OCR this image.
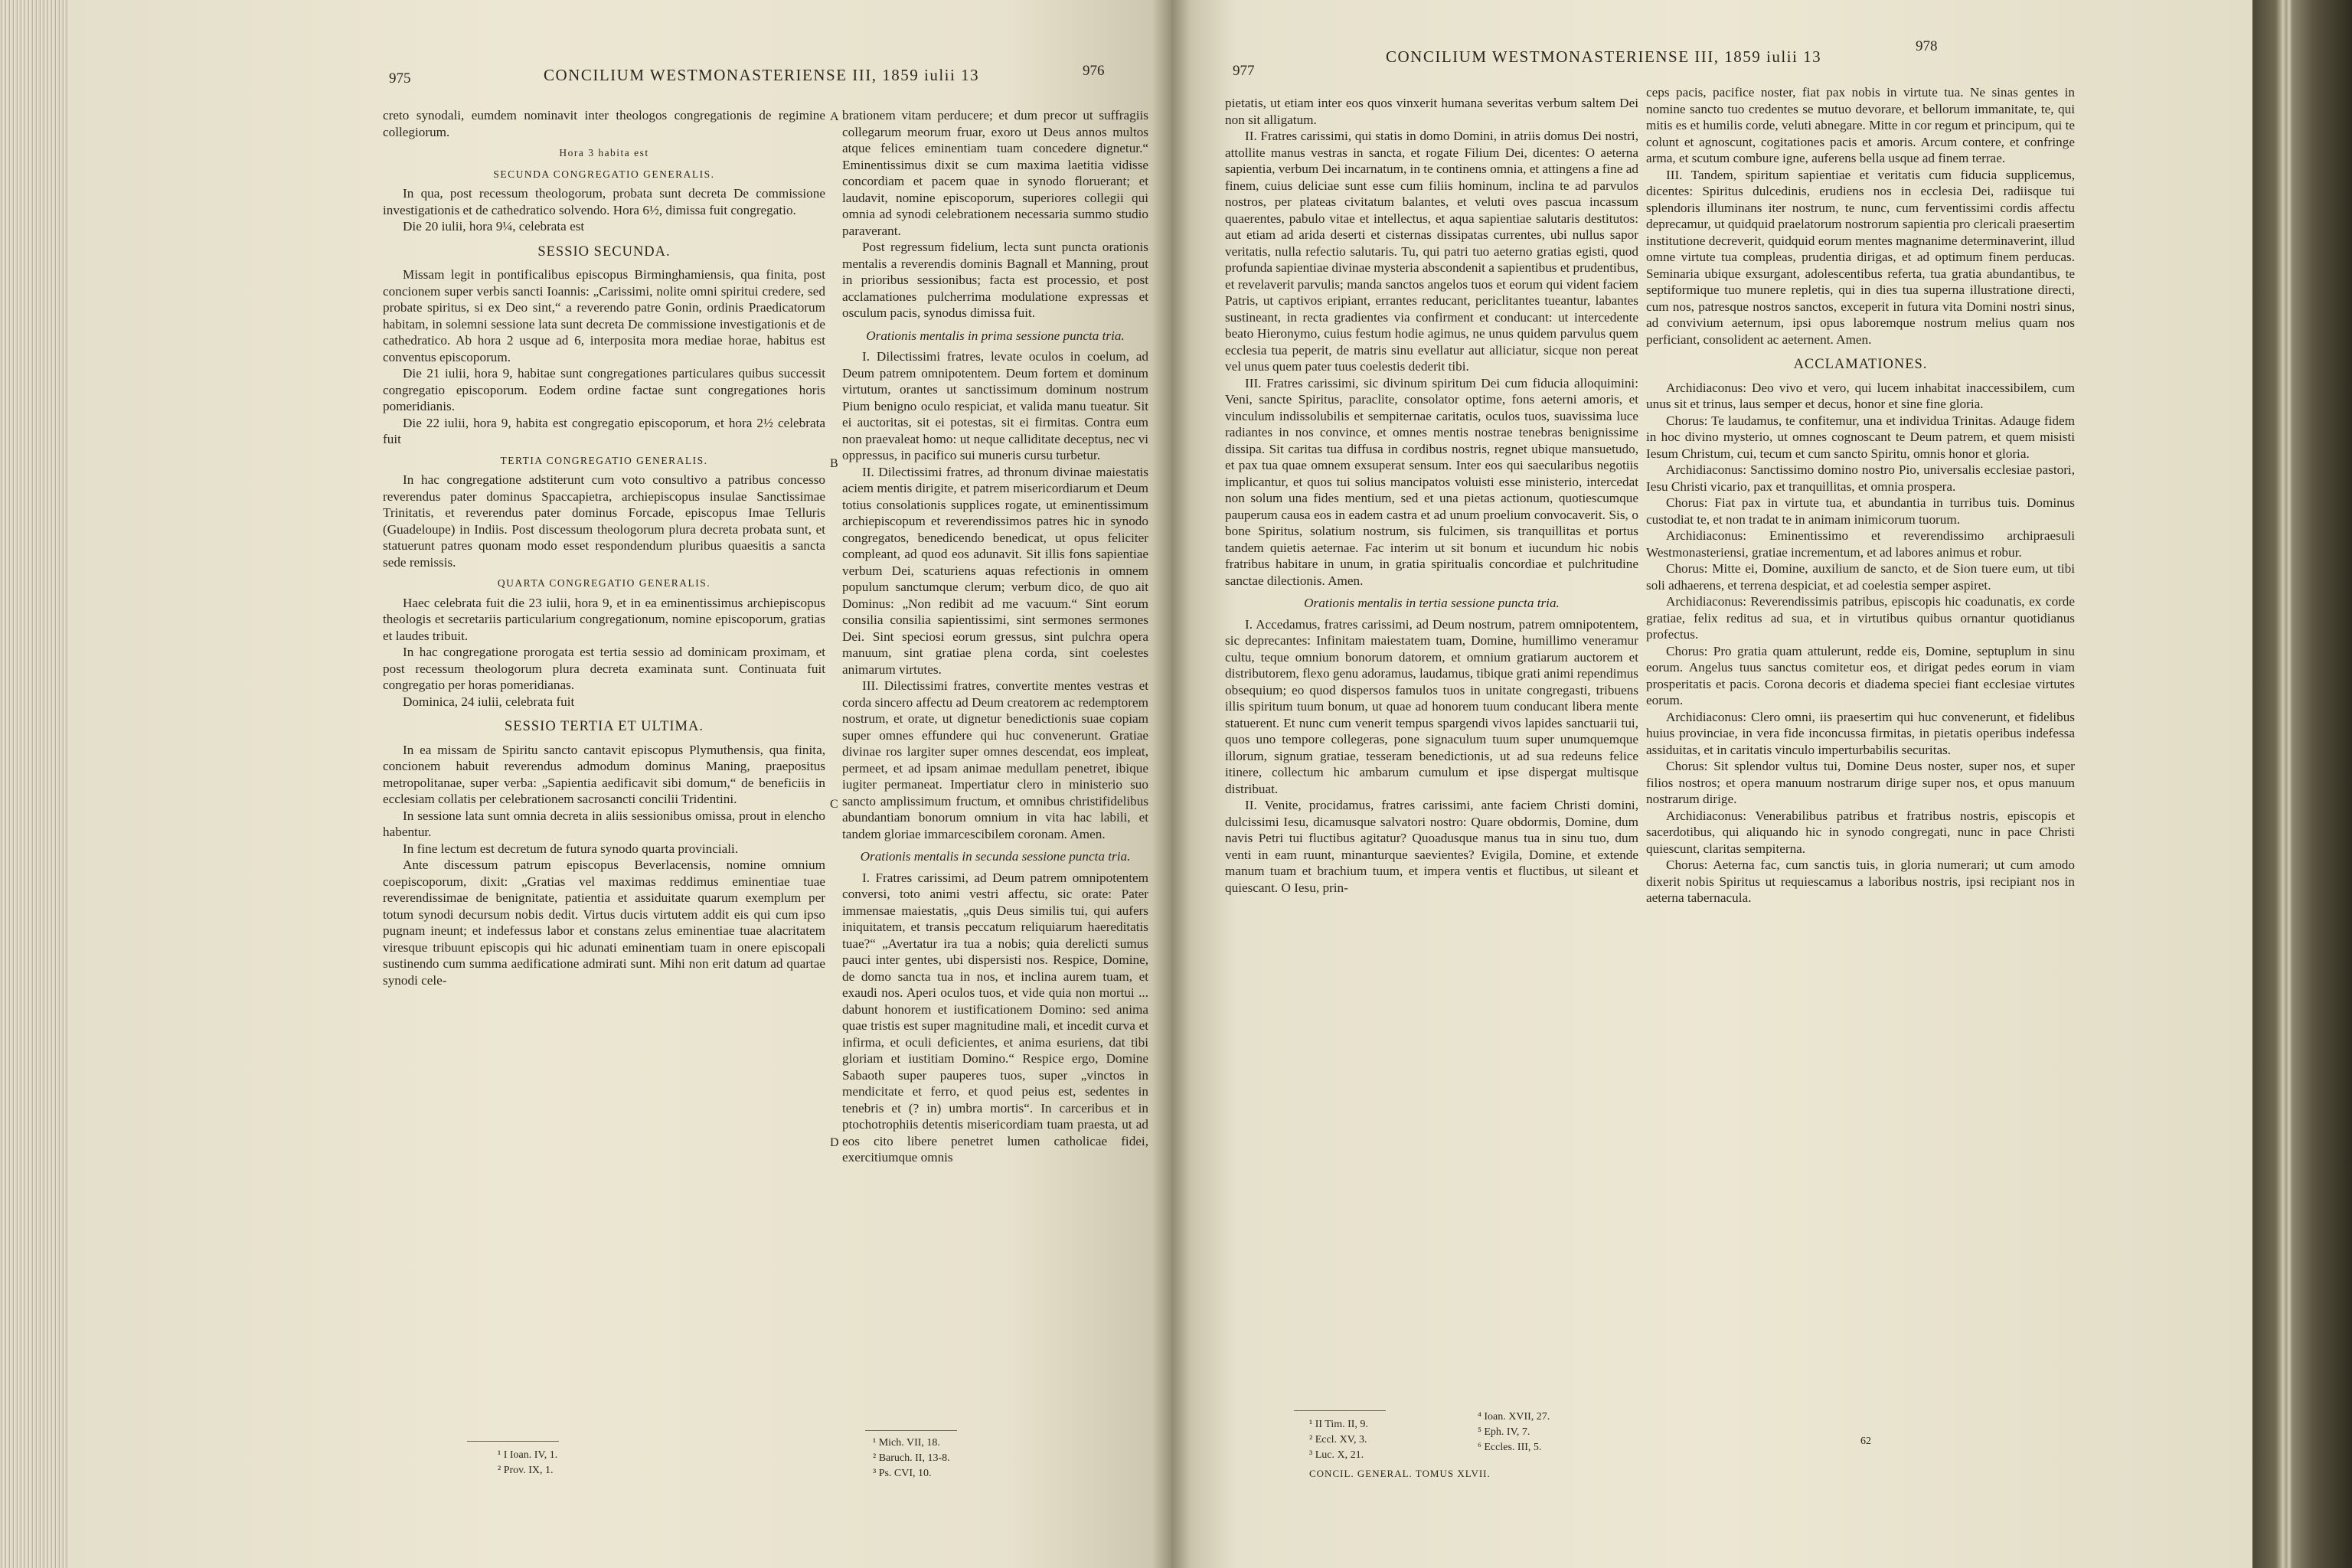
975	CONCILIUM WESTMONASTERIENSE III, 1859 iulii 13	976

creto synodali, eumdem nominavit inter theologos congregationis de regimine collegiorum.

Hora 3 habita est

SECUNDA CONGREGATIO GENERALIS.

In qua, post recessum theologorum, probata sunt decreta De commissione investigationis et de cathedratico solvendo. Hora 6½, dimissa fuit congregatio.

Die 20 iulii, hora 9¼, celebrata est

SESSIO SECUNDA.

Missam legit in pontificalibus episcopus Birminghamiensis, qua finita, post concionem super verbis sancti Ioannis: „Carissimi, nolite omni spiritui credere, sed probate spiritus, si ex Deo sint,“ a reverendo patre Gonin, ordinis Praedicatorum habitam, in solemni sessione lata sunt decreta De commissione investigationis et de cathedratico. Ab hora 2 usque ad 6, interposita mora mediae horae, habitus est conventus episcoporum.

Die 21 iulii, hora 9, habitae sunt congregationes particulares quibus successit congregatio episcoporum. Eodem ordine factae sunt congregationes horis pomeridianis.

Die 22 iulii, hora 9, habita est congregatio episcoporum, et hora 2½ celebrata fuit

TERTIA CONGREGATIO GENERALIS.

In hac congregatione adstiterunt cum voto consultivo a patribus concesso reverendus pater dominus Spaccapietra, archiepiscopus insulae Sanctissimae Trinitatis, et reverendus pater dominus Forcade, episcopus Imae Telluris (Guadeloupe) in Indiis. Post discessum theologorum plura decreta probata sunt, et statuerunt patres quonam modo esset respondendum pluribus quaesitis a sancta sede remissis.

QUARTA CONGREGATIO GENERALIS.

Haec celebrata fuit die 23 iulii, hora 9, et in ea eminentissimus archiepiscopus theologis et secretariis particularium congregationum, nomine episcoporum, gratias et laudes tribuit.

In hac congregatione prorogata est tertia sessio ad dominicam proximam, et post recessum theologorum plura decreta examinata sunt. Continuata fuit congregatio per horas pomeridianas.

Dominica, 24 iulii, celebrata fuit

SESSIO TERTIA ET ULTIMA.

In ea missam de Spiritu sancto cantavit episcopus Plymuthensis, qua finita, concionem habuit reverendus admodum dominus Maning, praepositus metropolitanae, super verba: „Sapientia aedificavit sibi domum,“ de beneficiis in ecclesiam collatis per celebrationem sacrosancti concilii Tridentini.

In sessione lata sunt omnia decreta in aliis sessionibus omissa, prout in elencho habentur.

In fine lectum est decretum de futura synodo quarta provinciali.

Ante discessum patrum episcopus Beverlacensis, nomine omnium coepiscoporum, dixit: „Gratias vel maximas reddimus eminentiae tuae reverendissimae de benignitate, patientia et assiduitate quarum exemplum per totum synodi decursum nobis dedit. Virtus ducis virtutem addit eis qui cum ipso pugnam ineunt; et indefessus labor et constans zelus eminentiae tuae alacritatem viresque tribuunt episcopis qui hic adunati eminentiam tuam in onere episcopali sustinendo cum summa aedificatione admirati sunt. Mihi non erit datum ad quartae synodi cele-

A
B
C
D

brationem vitam perducere; et dum precor ut suffragiis collegarum meorum fruar, exoro ut Deus annos multos atque felices eminentiam tuam concedere dignetur.“ Eminentissimus dixit se cum maxima laetitia vidisse concordiam et pacem quae in synodo floruerant; et laudavit, nomine episcoporum, superiores collegii qui omnia ad synodi celebrationem necessaria summo studio paraverant.

Post regressum fidelium, lecta sunt puncta orationis mentalis a reverendis dominis Bagnall et Manning, prout in prioribus sessionibus; facta est processio, et post acclamationes pulcherrima modulatione expressas et osculum pacis, synodus dimissa fuit.

Orationis mentalis in prima sessione puncta tria.

I. Dilectissimi fratres, levate oculos in coelum, ad Deum patrem omnipotentem. Deum fortem et dominum virtutum, orantes ut sanctissimum dominum nostrum Pium benigno oculo respiciat, et valida manu tueatur. Sit ei auctoritas, sit ei potestas, sit ei firmitas. Contra eum non praevaleat homo: ut neque calliditate deceptus, nec vi oppressus, in pacifico sui muneris cursu turbetur.

II. Dilectissimi fratres, ad thronum divinae maiestatis aciem mentis dirigite, et patrem misericordiarum et Deum totius consolationis supplices rogate, ut eminentissimum archiepiscopum et reverendissimos patres hic in synodo congregatos, benedicendo benedicat, ut opus feliciter compleant, ad quod eos adunavit. Sit illis fons sapientiae verbum Dei, scaturiens aquas refectionis in omnem populum sanctumque clerum; verbum dico, de quo ait Dominus: „Non redibit ad me vacuum.“ Sint eorum consilia consilia sapientissimi, sint sermones sermones Dei. Sint speciosi eorum gressus, sint pulchra opera manuum, sint gratiae plena corda, sint coelestes animarum virtutes.

III. Dilectissimi fratres, convertite mentes vestras et corda sincero affectu ad Deum creatorem ac redemptorem nostrum, et orate, ut dignetur benedictionis suae copiam super omnes effundere qui huc convenerunt. Gratiae divinae ros largiter super omnes descendat, eos impleat, permeet, et ad ipsam animae medullam penetret, ibique iugiter permaneat. Impertiatur clero in ministerio suo sancto amplissimum fructum, et omnibus christifidelibus abundantiam bonorum omnium in vita hac labili, et tandem gloriae immarcescibilem coronam. Amen.

Orationis mentalis in secunda sessione puncta tria.

I. Fratres carissimi, ad Deum patrem omnipotentem conversi, toto animi vestri affectu, sic orate: Pater immensae maiestatis, „quis Deus similis tui, qui aufers iniquitatem, et transis peccatum reliquiarum haereditatis tuae?“ „Avertatur ira tua a nobis; quia derelicti sumus pauci inter gentes, ubi dispersisti nos. Respice, Domine, de domo sancta tua in nos, et inclina aurem tuam, et exaudi nos. Aperi oculos tuos, et vide quia non mortui ... dabunt honorem et iustificationem Domino: sed anima quae tristis est super magnitudine mali, et incedit curva et infirma, et oculi deficientes, et anima esuriens, dat tibi gloriam et iustitiam Domino.“ Respice ergo, Domine Sabaoth super pauperes tuos, super „vinctos in mendicitate et ferro, et quod peius est, sedentes in tenebris et (? in) umbra mortis“. In carceribus et in ptochotrophiis detentis misericordiam tuam praesta, ut ad eos cito libere penetret lumen catholicae fidei, exercitiumque omnis

¹ I Ioan. IV, 1.
² Prov. IX, 1.
¹ Mich. VII, 18.
² Baruch. II, 13-8.
³ Ps. CVI, 10.
977
CONCILIUM WESTMONASTERIENSE III, 1859 iulii 13
978

pietatis, ut etiam inter eos quos vinxerit humana severitas verbum saltem Dei non sit alligatum.

II. Fratres carissimi, qui statis in domo Domini, in atriis domus Dei nostri, attollite manus vestras in sancta, et rogate Filium Dei, dicentes: O aeterna sapientia, verbum Dei incarnatum, in te continens omnia, et attingens a fine ad finem, cuius deliciae sunt esse cum filiis hominum, inclina te ad parvulos nostros, per plateas civitatum balantes, et veluti oves pascua incassum quaerentes, pabulo vitae et intellectus, et aqua sapientiae salutaris destitutos: aut etiam ad arida deserti et cisternas dissipatas currentes, ubi nullus sapor veritatis, nulla refectio salutaris. Tu, qui patri tuo aeterno gratias egisti, quod profunda sapientiae divinae mysteria abscondenit a sapientibus et prudentibus, et revelaverit parvulis; manda sanctos angelos tuos et eorum qui vident faciem Patris, ut captivos eripiant, errantes reducant, periclitantes tueantur, labantes sustineant, in recta gradientes via confirment et conducant: ut intercedente beato Hieronymo, cuius festum hodie agimus, ne unus quidem parvulus quem ecclesia tua peperit, de matris sinu evellatur aut alliciatur, sicque non pereat vel unus quem pater tuus coelestis dederit tibi.

III. Fratres carissimi, sic divinum spiritum Dei cum fiducia alloquimini: Veni, sancte Spiritus, paraclite, consolator optime, fons aeterni amoris, et vinculum indissolubilis et sempiternae caritatis, oculos tuos, suavissima luce radiantes in nos convince, et omnes mentis nostrae tenebras benignissime dissipa. Sit caritas tua diffusa in cordibus nostris, regnet ubique mansuetudo, et pax tua quae omnem exsuperat sensum. Inter eos qui saecularibus negotiis implicantur, et quos tui solius mancipatos voluisti esse ministerio, intercedat non solum una fides mentium, sed et una pietas actionum, quotiescumque pauperum causa eos in eadem castra et ad unum proelium convocaverit. Sis, o bone Spiritus, solatium nostrum, sis fulcimen, sis tranquillitas et portus tandem quietis aeternae. Fac interim ut sit bonum et iucundum hic nobis fratribus habitare in unum, in gratia spiritualis concordiae et pulchritudine sanctae dilectionis. Amen.

Orationis mentalis in tertia sessione puncta tria.

I. Accedamus, fratres carissimi, ad Deum nostrum, patrem omnipotentem, sic deprecantes: Infinitam maiestatem tuam, Domine, humillimo veneramur cultu, teque omnium bonorum datorem, et omnium gratiarum auctorem et distributorem, flexo genu adoramus, laudamus, tibique grati animi rependimus obsequium; eo quod dispersos famulos tuos in unitate congregasti, tribuens illis spiritum tuum bonum, ut quae ad honorem tuum conducant libera mente statuerent. Et nunc cum venerit tempus spargendi vivos lapides sanctuarii tui, quos uno tempore collegeras, pone signaculum tuum super unumquemque illorum, signum gratiae, tesseram benedictionis, ut ad sua redeuns felice itinere, collectum hic ambarum cumulum et ipse dispergat multisque distribuat.

II. Venite, procidamus, fratres carissimi, ante faciem Christi domini, dulcissimi Iesu, dicamusque salvatori nostro: Quare obdormis, Domine, dum navis Petri tui fluctibus agitatur? Quoadusque manus tua in sinu tuo, dum venti in eam ruunt, minanturque saevientes? Evigila, Domine, et extende manum tuam et brachium tuum, et impera ventis et fluctibus, ut sileant et quiescant. O Iesu, prin-

ceps pacis, pacifice noster, fiat pax nobis in virtute tua. Ne sinas gentes in nomine sancto tuo credentes se mutuo devorare, et bellorum immanitate, te, qui mitis es et humilis corde, veluti abnegare. Mitte in cor regum et principum, qui te colunt et agnoscunt, cogitationes pacis et amoris. Arcum contere, et confringe arma, et scutum combure igne, auferens bella usque ad finem terrae.

III. Tandem, spiritum sapientiae et veritatis cum fiducia supplicemus, dicentes: Spiritus dulcedinis, erudiens nos in ecclesia Dei, radiisque tui splendoris illuminans iter nostrum, te nunc, cum ferventissimi cordis affectu deprecamur, ut quidquid praelatorum nostrorum sapientia pro clericali praesertim institutione decreverit, quidquid eorum mentes magnanime determinaverint, illud omne virtute tua compleas, prudentia dirigas, et ad optimum finem perducas. Seminaria ubique exsurgant, adolescentibus referta, tua gratia abundantibus, te septiformique tuo munere repletis, qui in dies tua superna illustratione directi, cum nos, patresque nostros sanctos, exceperit in futura vita Domini nostri sinus, ad convivium aeternum, ipsi opus laboremque nostrum melius quam nos perficiant, consolident ac aeternent. Amen.

ACCLAMATIONES.

Archidiaconus: Deo vivo et vero, qui lucem inhabitat inaccessibilem, cum unus sit et trinus, laus semper et decus, honor et sine fine gloria.

Chorus: Te laudamus, te confitemur, una et individua Trinitas. Adauge fidem in hoc divino mysterio, ut omnes cognoscant te Deum patrem, et quem misisti Iesum Christum, cui, tecum et cum sancto Spiritu, omnis honor et gloria.

Archidiaconus: Sanctissimo domino nostro Pio, universalis ecclesiae pastori, Iesu Christi vicario, pax et tranquillitas, et omnia prospera.

Chorus: Fiat pax in virtute tua, et abundantia in turribus tuis. Dominus custodiat te, et non tradat te in animam inimicorum tuorum.

Archidiaconus: Eminentissimo et reverendissimo archipraesuli Westmonasteriensi, gratiae incrementum, et ad labores animus et robur.

Chorus: Mitte ei, Domine, auxilium de sancto, et de Sion tuere eum, ut tibi soli adhaerens, et terrena despiciat, et ad coelestia semper aspiret.

Archidiaconus: Reverendissimis patribus, episcopis hic coadunatis, ex corde gratiae, felix reditus ad sua, et in virtutibus quibus ornantur quotidianus profectus.

Chorus: Pro gratia quam attulerunt, redde eis, Domine, septuplum in sinu eorum. Angelus tuus sanctus comitetur eos, et dirigat pedes eorum in viam prosperitatis et pacis. Corona decoris et diadema speciei fiant ecclesiae virtutes eorum.

Archidiaconus: Clero omni, iis praesertim qui huc convenerunt, et fidelibus huius provinciae, in vera fide inconcussa firmitas, in pietatis operibus indefessa assiduitas, et in caritatis vinculo imperturbabilis securitas.

Chorus: Sit splendor vultus tui, Domine Deus noster, super nos, et super filios nostros; et opera manuum nostrarum dirige super nos, et opus manuum nostrarum dirige.

Archidiaconus: Venerabilibus patribus et fratribus nostris, episcopis et sacerdotibus, qui aliquando hic in synodo congregati, nunc in pace Christi quiescunt, claritas sempiterna.

Chorus: Aeterna fac, cum sanctis tuis, in gloria numerari; ut cum amodo dixerit nobis Spiritus ut requiescamus a laboribus nostris, ipsi recipiant nos in aeterna tabernacula.

¹ II Tim. II, 9.
² Eccl. XV, 3.
³ Luc. X, 21.
⁴ Ioan. XVII, 27.
⁵ Eph. IV, 7.
⁶ Eccles. III, 5.
CONCIL. GENERAL. TOMUS XLVII.
62
